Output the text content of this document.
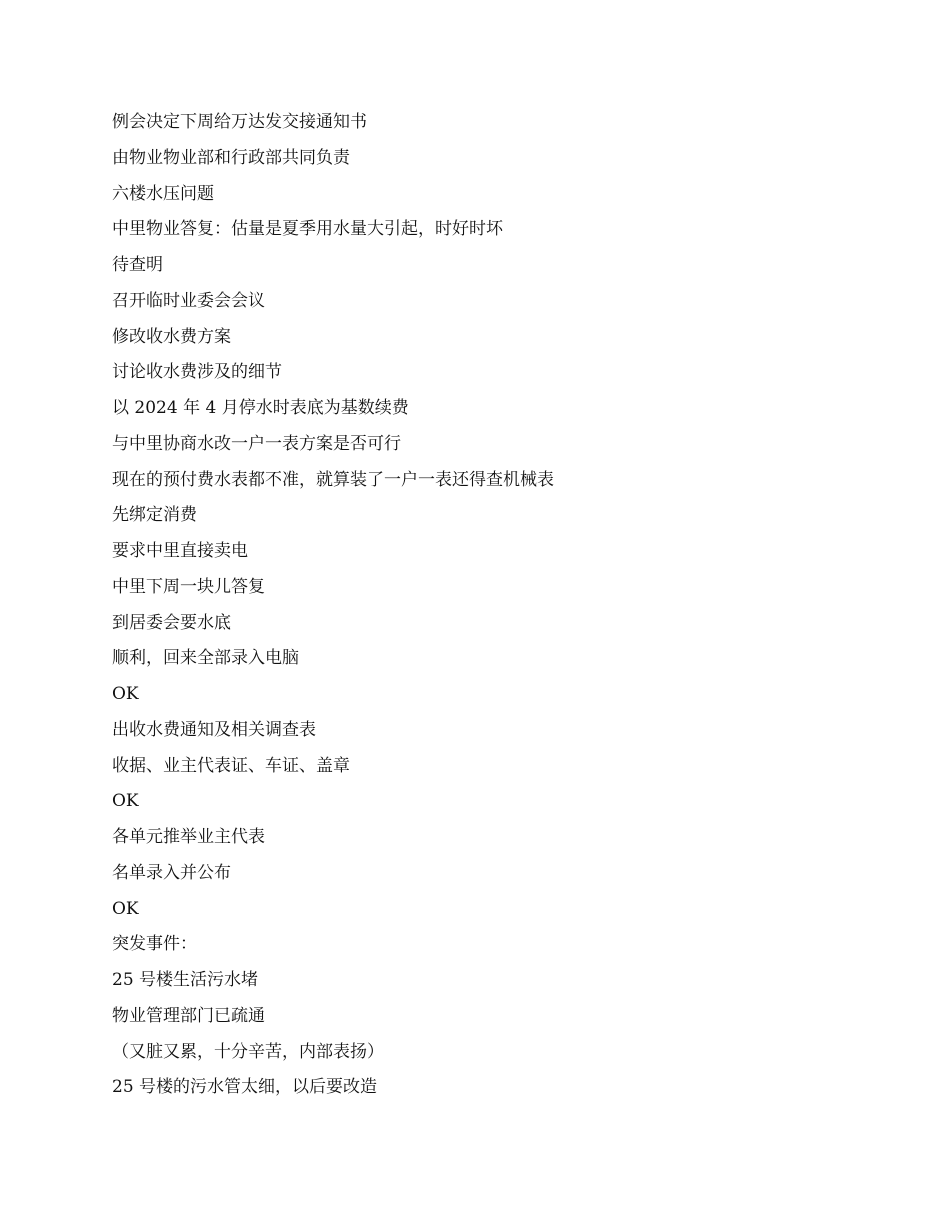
例会决定下周给万达发交接通知书
由物业物业部和行政部共同负责
六楼水压问题
中里物业答复：估量是夏季用水量大引起，时好时坏
待查明
召开临时业委会会议
修改收水费方案
讨论收水费涉及的细节
以 2024 年 4 月停水时表底为基数续费
与中里协商水改一户一表方案是否可行
现在的预付费水表都不准，就算装了一户一表还得查机械表
先绑定消费
要求中里直接卖电
中里下周一块儿答复
到居委会要水底
顺利，回来全部录入电脑
OK
出收水费通知及相关调查表
收据、业主代表证、车证、盖章
OK
各单元推举业主代表
名单录入并公布
OK
突发事件：
25 号楼生活污水堵
物业管理部门已疏通
（又脏又累，十分辛苦，内部表扬）
25 号楼的污水管太细，以后要改造
